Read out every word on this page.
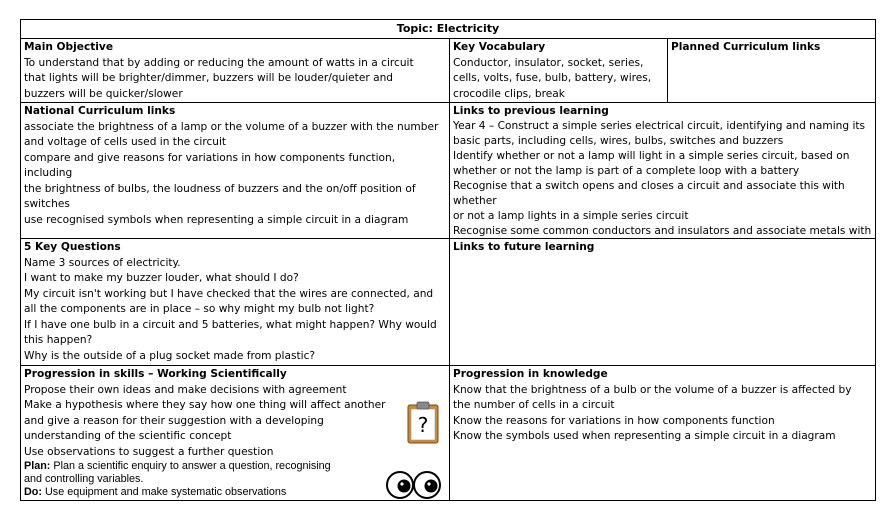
Topic: Electricity
Main Objective
To understand that by adding or reducing the amount of watts in a circuit
that lights will be brighter/dimmer, buzzers will be louder/quieter and
buzzers will be quicker/slower
Key Vocabulary
Conductor, insulator, socket, series,
cells, volts, fuse, bulb, battery, wires,
crocodile clips, break
Planned Curriculum links
National Curriculum links
associate the brightness of a lamp or the volume of a buzzer with the number
and voltage of cells used in the circuit
compare and give reasons for variations in how components function, including
the brightness of bulbs, the loudness of buzzers and the on/off position of
switches
use recognised symbols when representing a simple circuit in a diagram
Links to previous learning
Year 4 – Construct a simple series electrical circuit, identifying and naming its
basic parts, including cells, wires, bulbs, switches and buzzers
Identify whether or not a lamp will light in a simple series circuit, based on
whether or not the lamp is part of a complete loop with a battery
Recognise that a switch opens and closes a circuit and associate this with whether
or not a lamp lights in a simple series circuit
Recognise some common conductors and insulators and associate metals with
5 Key Questions
Name 3 sources of electricity.
I want to make my buzzer louder, what should I do?
My circuit isn't working but I have checked that the wires are connected, and
all the components are in place – so why might my bulb not light?
If I have one bulb in a circuit and 5 batteries, what might happen? Why would
this happen?
Why is the outside of a plug socket made from plastic?
Links to future learning
Progression in skills – Working Scientifically
Propose their own ideas and make decisions with agreement
Make a hypothesis where they say how one thing will affect another
and give a reason for their suggestion with a developing
understanding of the scientific concept
Use observations to suggest a further question
Plan: Plan a scientific enquiry to answer a question, recognising
and controlling variables.
Do: Use equipment and make systematic observations
?
Progression in knowledge
Know that the brightness of a bulb or the volume of a buzzer is affected by
the number of cells in a circuit
Know the reasons for variations in how components function
Know the symbols used when representing a simple circuit in a diagram
